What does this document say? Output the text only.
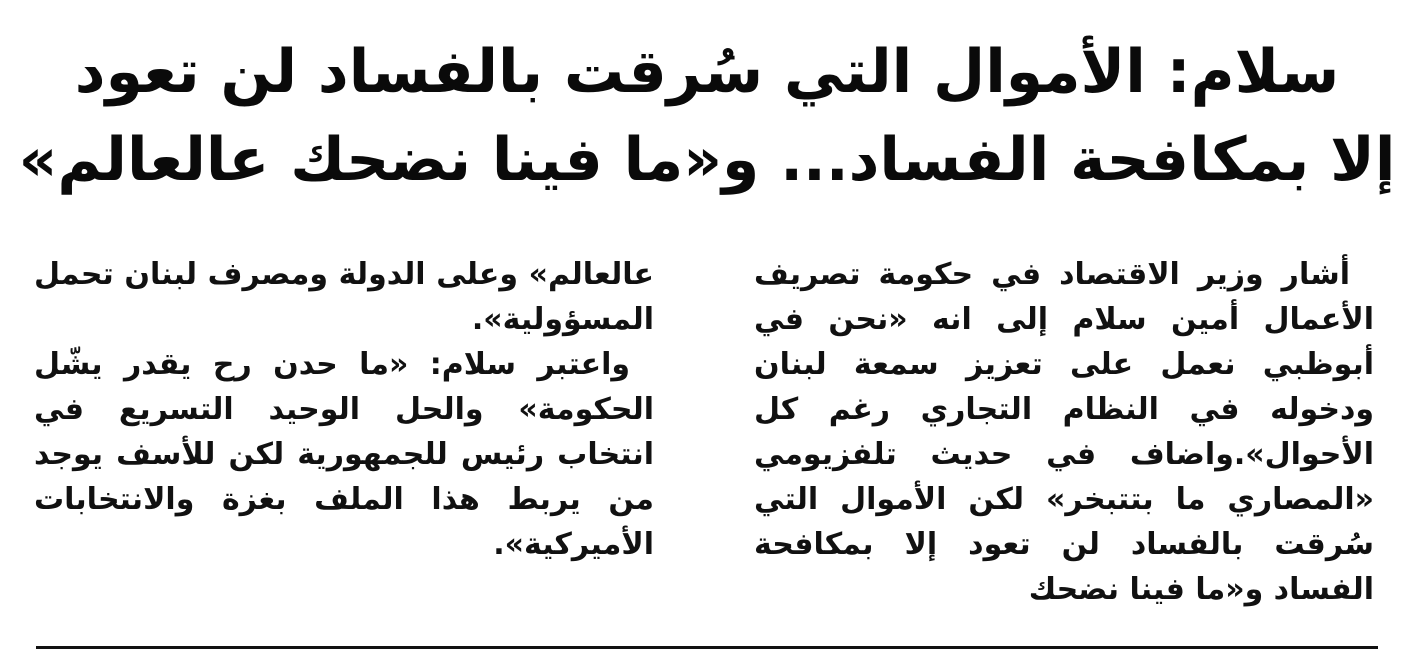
سلام: الأموال التي سُرقت بالفساد لن تعود
إلا بمكافحة الفساد... و«ما فينا نضحك عالعالم»

أشار وزير الاقتصاد في حكومة تصريف الأعمال أمين سلام إلى انه «نحن في أبوظبي نعمل على تعزيز سمعة لبنان ودخوله في النظام التجاري رغم كل الأحوال».واضاف في حديث تلفزيومي «المصاري ما بتتبخر» لكن الأموال التي سُرقت بالفساد لن تعود إلا بمكافحة الفساد و«ما فينا نضحك

عالعالم» وعلى الدولة ومصرف لبنان تحمل المسؤولية».

واعتبر سلام: «ما حدن رح يقدر يشّل الحكومة» والحل الوحيد التسريع في انتخاب رئيس للجمهورية لكن للأسف يوجد من يربط هذا الملف بغزة والانتخابات الأميركية».
